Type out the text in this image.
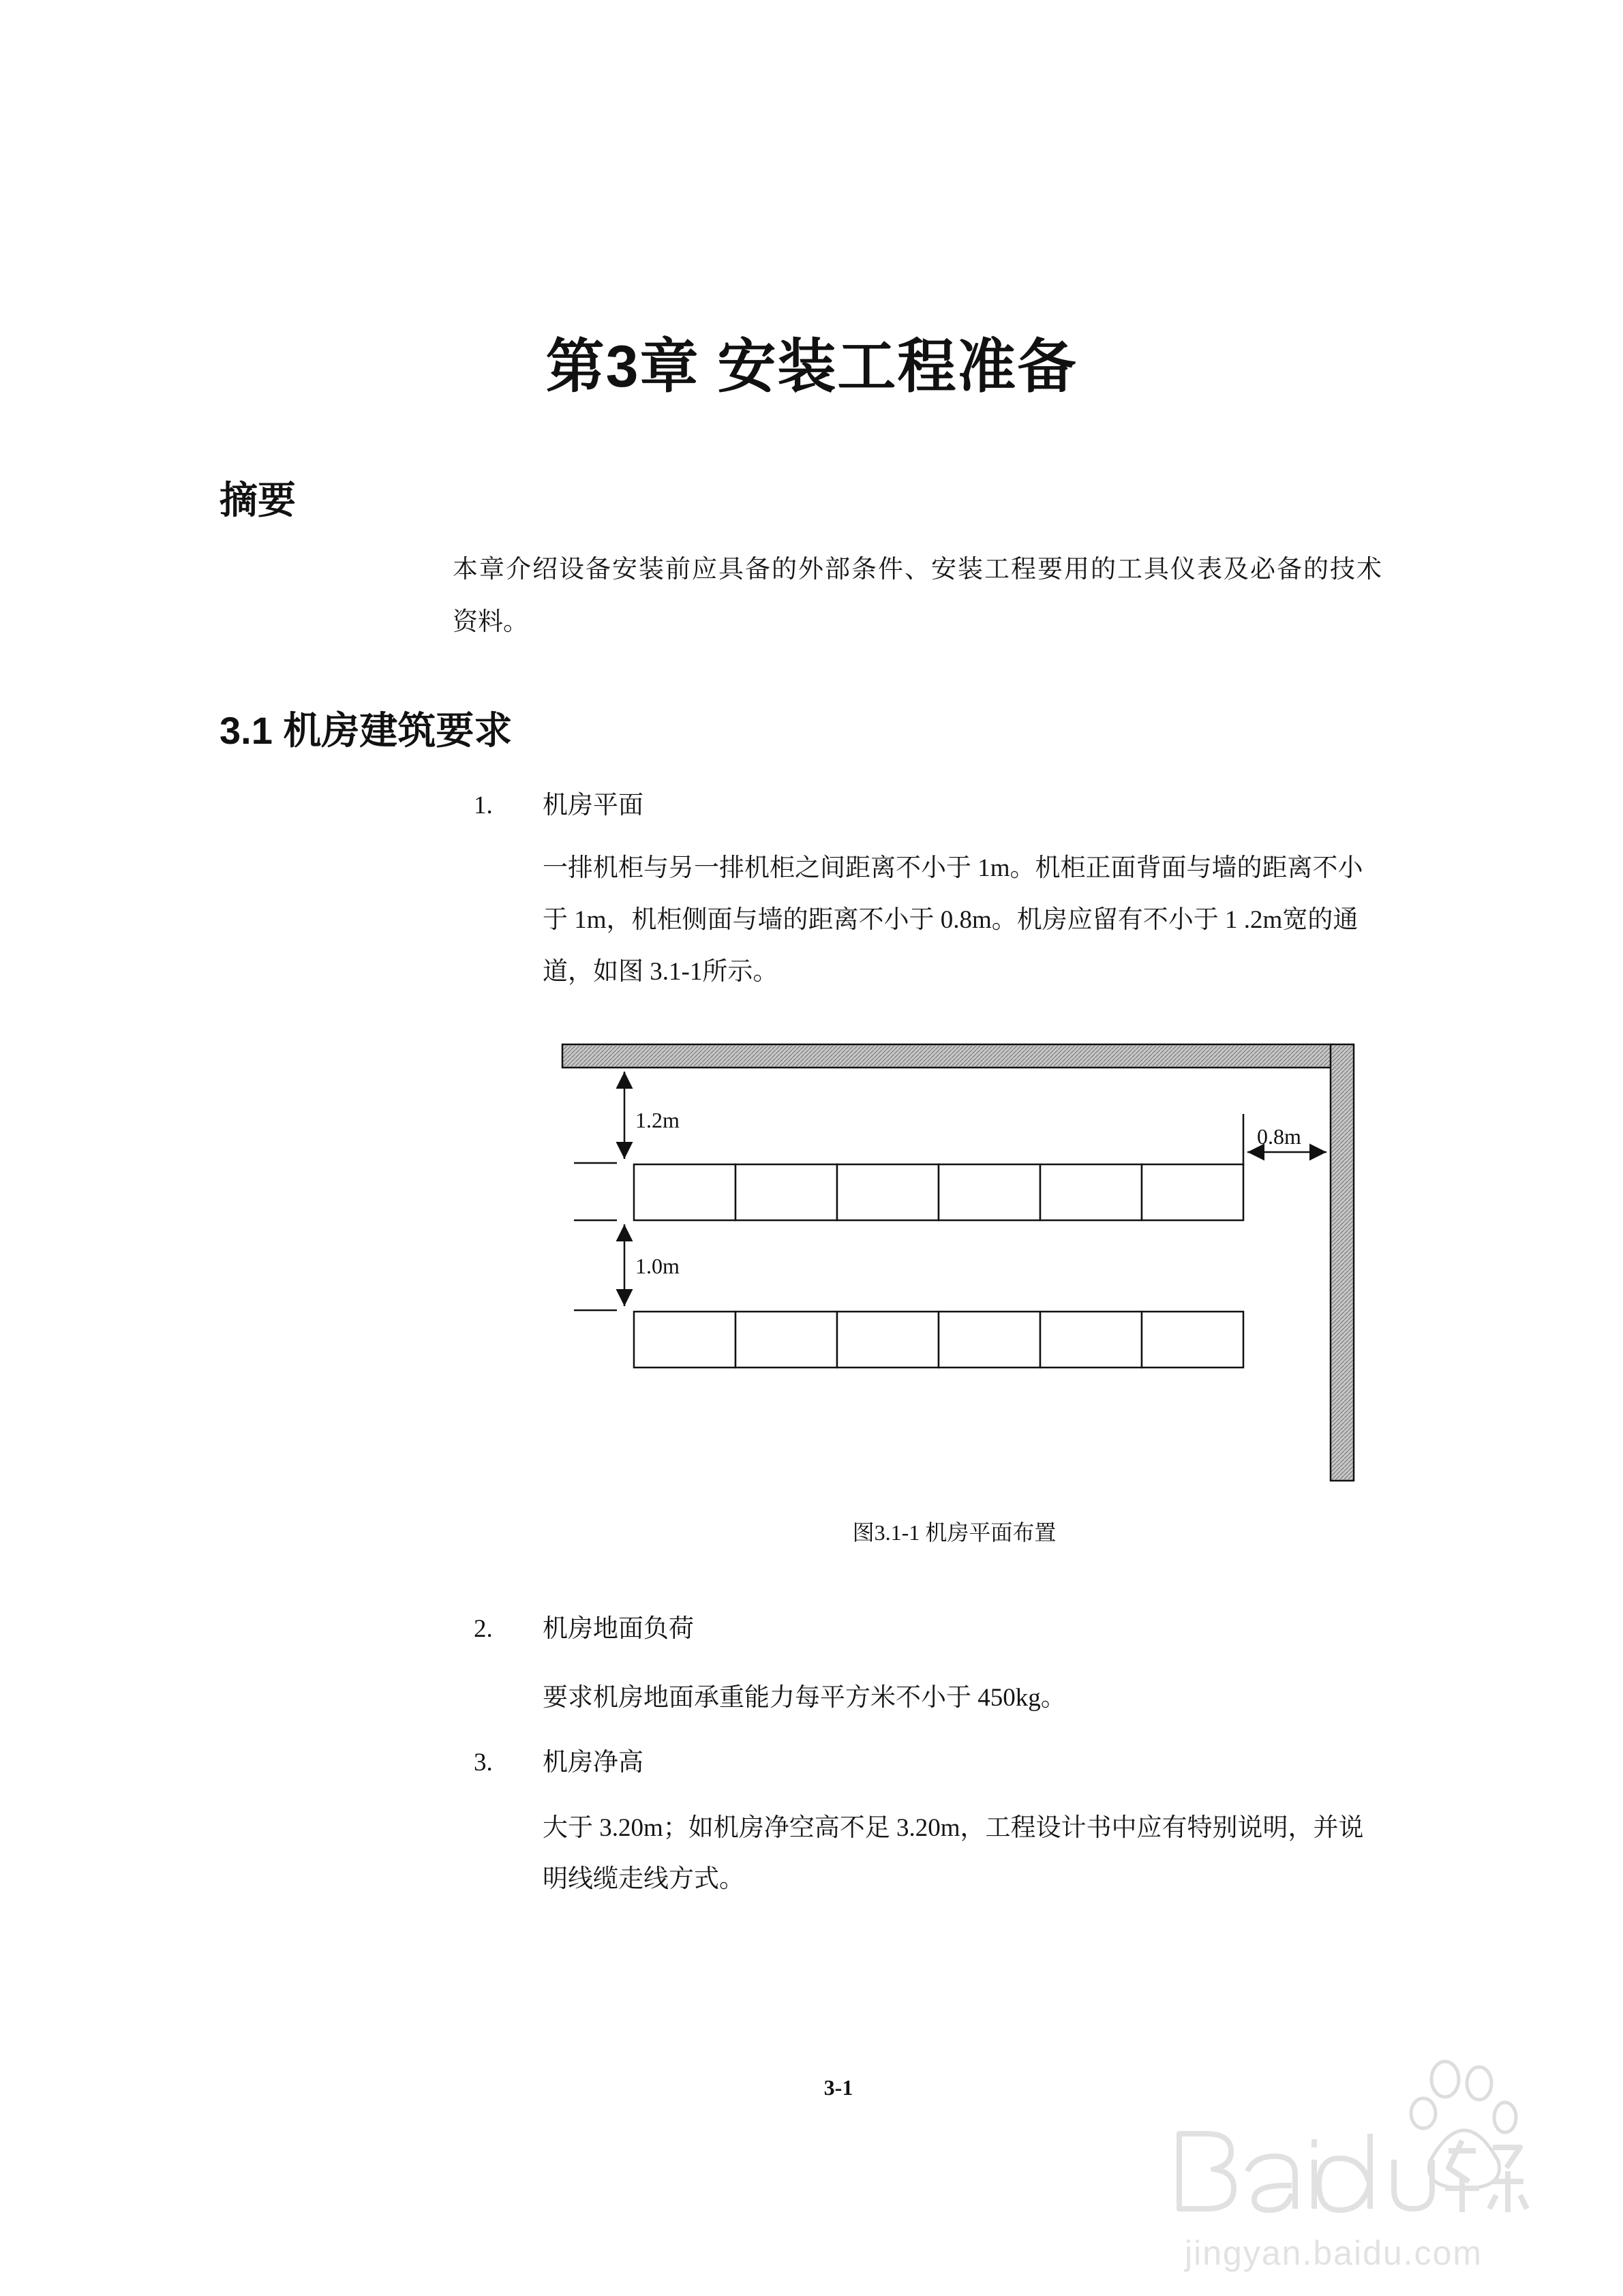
第3章 安装工程准备
摘要
本章介绍设备安装前应具备的外部条件、安装工程要用的工具仪表及必备的技术
资料。
3.1 机房建筑要求
1. 机房平面
一排机柜与另一排机柜之间距离不小于 1m。机柜正面背面与墙的距离不小
于 1m，机柜侧面与墙的距离不小于 0.8m。机房应留有不小于 1 .2m宽的通
道，如图 3.1-1所示。
1.2m
1.0m
0.8m
图3.1-1 机房平面布置
2. 机房地面负荷
要求机房地面承重能力每平方米不小于 450kg。
3. 机房净高
大于 3.20m；如机房净空高不足 3.20m，工程设计书中应有特别说明，并说
明线缆走线方式。
3-1
jingyan.baidu.com
